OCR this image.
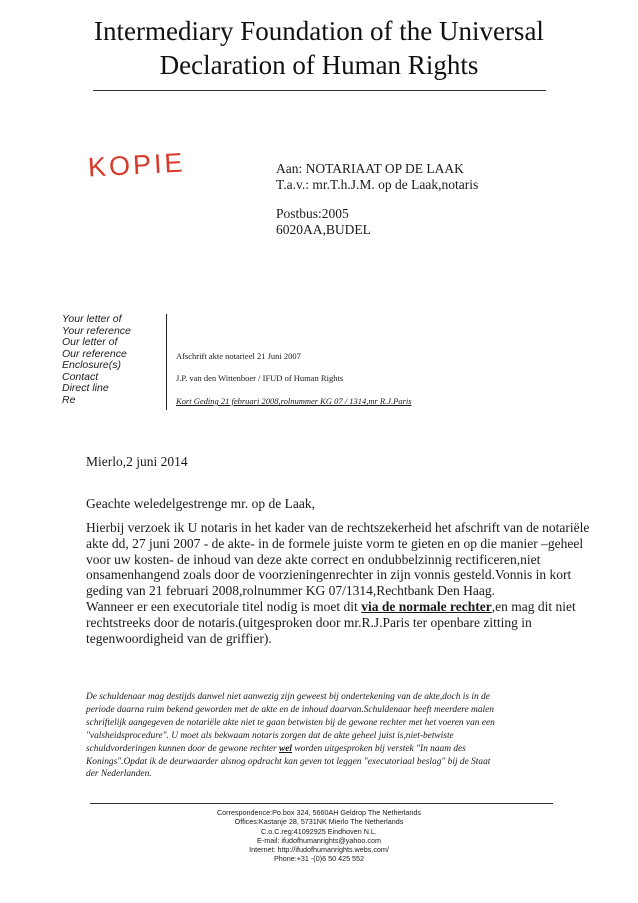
Intermediary Foundation of the Universal
Declaration of Human Rights
KOPIE	Aan: NOTARIAAT OP DE LAAK
T.a.v.: mr.T.h.J.M. op de Laak,notaris
Postbus:2005
6020AA,BUDEL
Your letter of
Your reference
Our letter of
Our reference
Enclosure(s)
Contact
Direct line
Re
Afschrift akte notarieel 21 Juni 2007
J.P. van den Wittenboer / IFUD of Human Rights
Kort Geding 21 februari 2008,rolnummer KG 07 / 1314,mr R.J.Paris
Mierlo,2 juni 2014
Geachte weledelgestrenge mr. op de Laak,
Hierbij verzoek ik U notaris in het kader van de rechtszekerheid het afschrift van de notariële
akte dd, 27 juni 2007 - de akte- in de formele juiste vorm te gieten en op die manier –geheel
voor uw kosten- de inhoud van deze akte correct en ondubbelzinnig rectificeren,niet
onsamenhangend zoals door de voorzieningenrechter in zijn vonnis gesteld.Vonnis in kort
geding van 21 februari 2008,rolnummer KG 07/1314,Rechtbank Den Haag.
Wanneer er een executoriale titel nodig is moet dit via de normale rechter,en mag dit niet
rechtstreeks door de notaris.(uitgesproken door mr.R.J.Paris ter openbare zitting in
tegenwoordigheid van de griffier).
De schuldenaar mag destijds danwel niet aanwezig zijn geweest bij ondertekening van de akte,doch is in de
periode daarna ruim bekend geworden met de akte en de inhoud daarvan.Schuldenaar heeft meerdere malen
schriftelijk aangegeven de notariële akte niet te gaan betwisten bij de gewone rechter met het voeren van een
"valsheidsprocedure". U moet als bekwaam notaris zorgen dat de akte geheel juist is,niet-betwiste
schuldvorderingen kunnen door de gewone rechter wel worden uitgesproken bij verstek "In naam des
Konings".Opdat ik de deurwaarder alsnog opdracht kan geven tot leggen "executoriaal beslag" bij de Staat
der Nederlanden.
Correspondence:Po.box 324, 5660AH Geldrop The Netherlands
Offices:Kastanje 28, 5731NK Mierlo The Netherlands
C.o.C.reg:41092925 Eindhoven N.L.
E-mail: ifudofhumanrights@yahoo.com
Internet: http://ifudofhumanrights.webs.com/
Phone:+31 -(0)6 50 425 552
